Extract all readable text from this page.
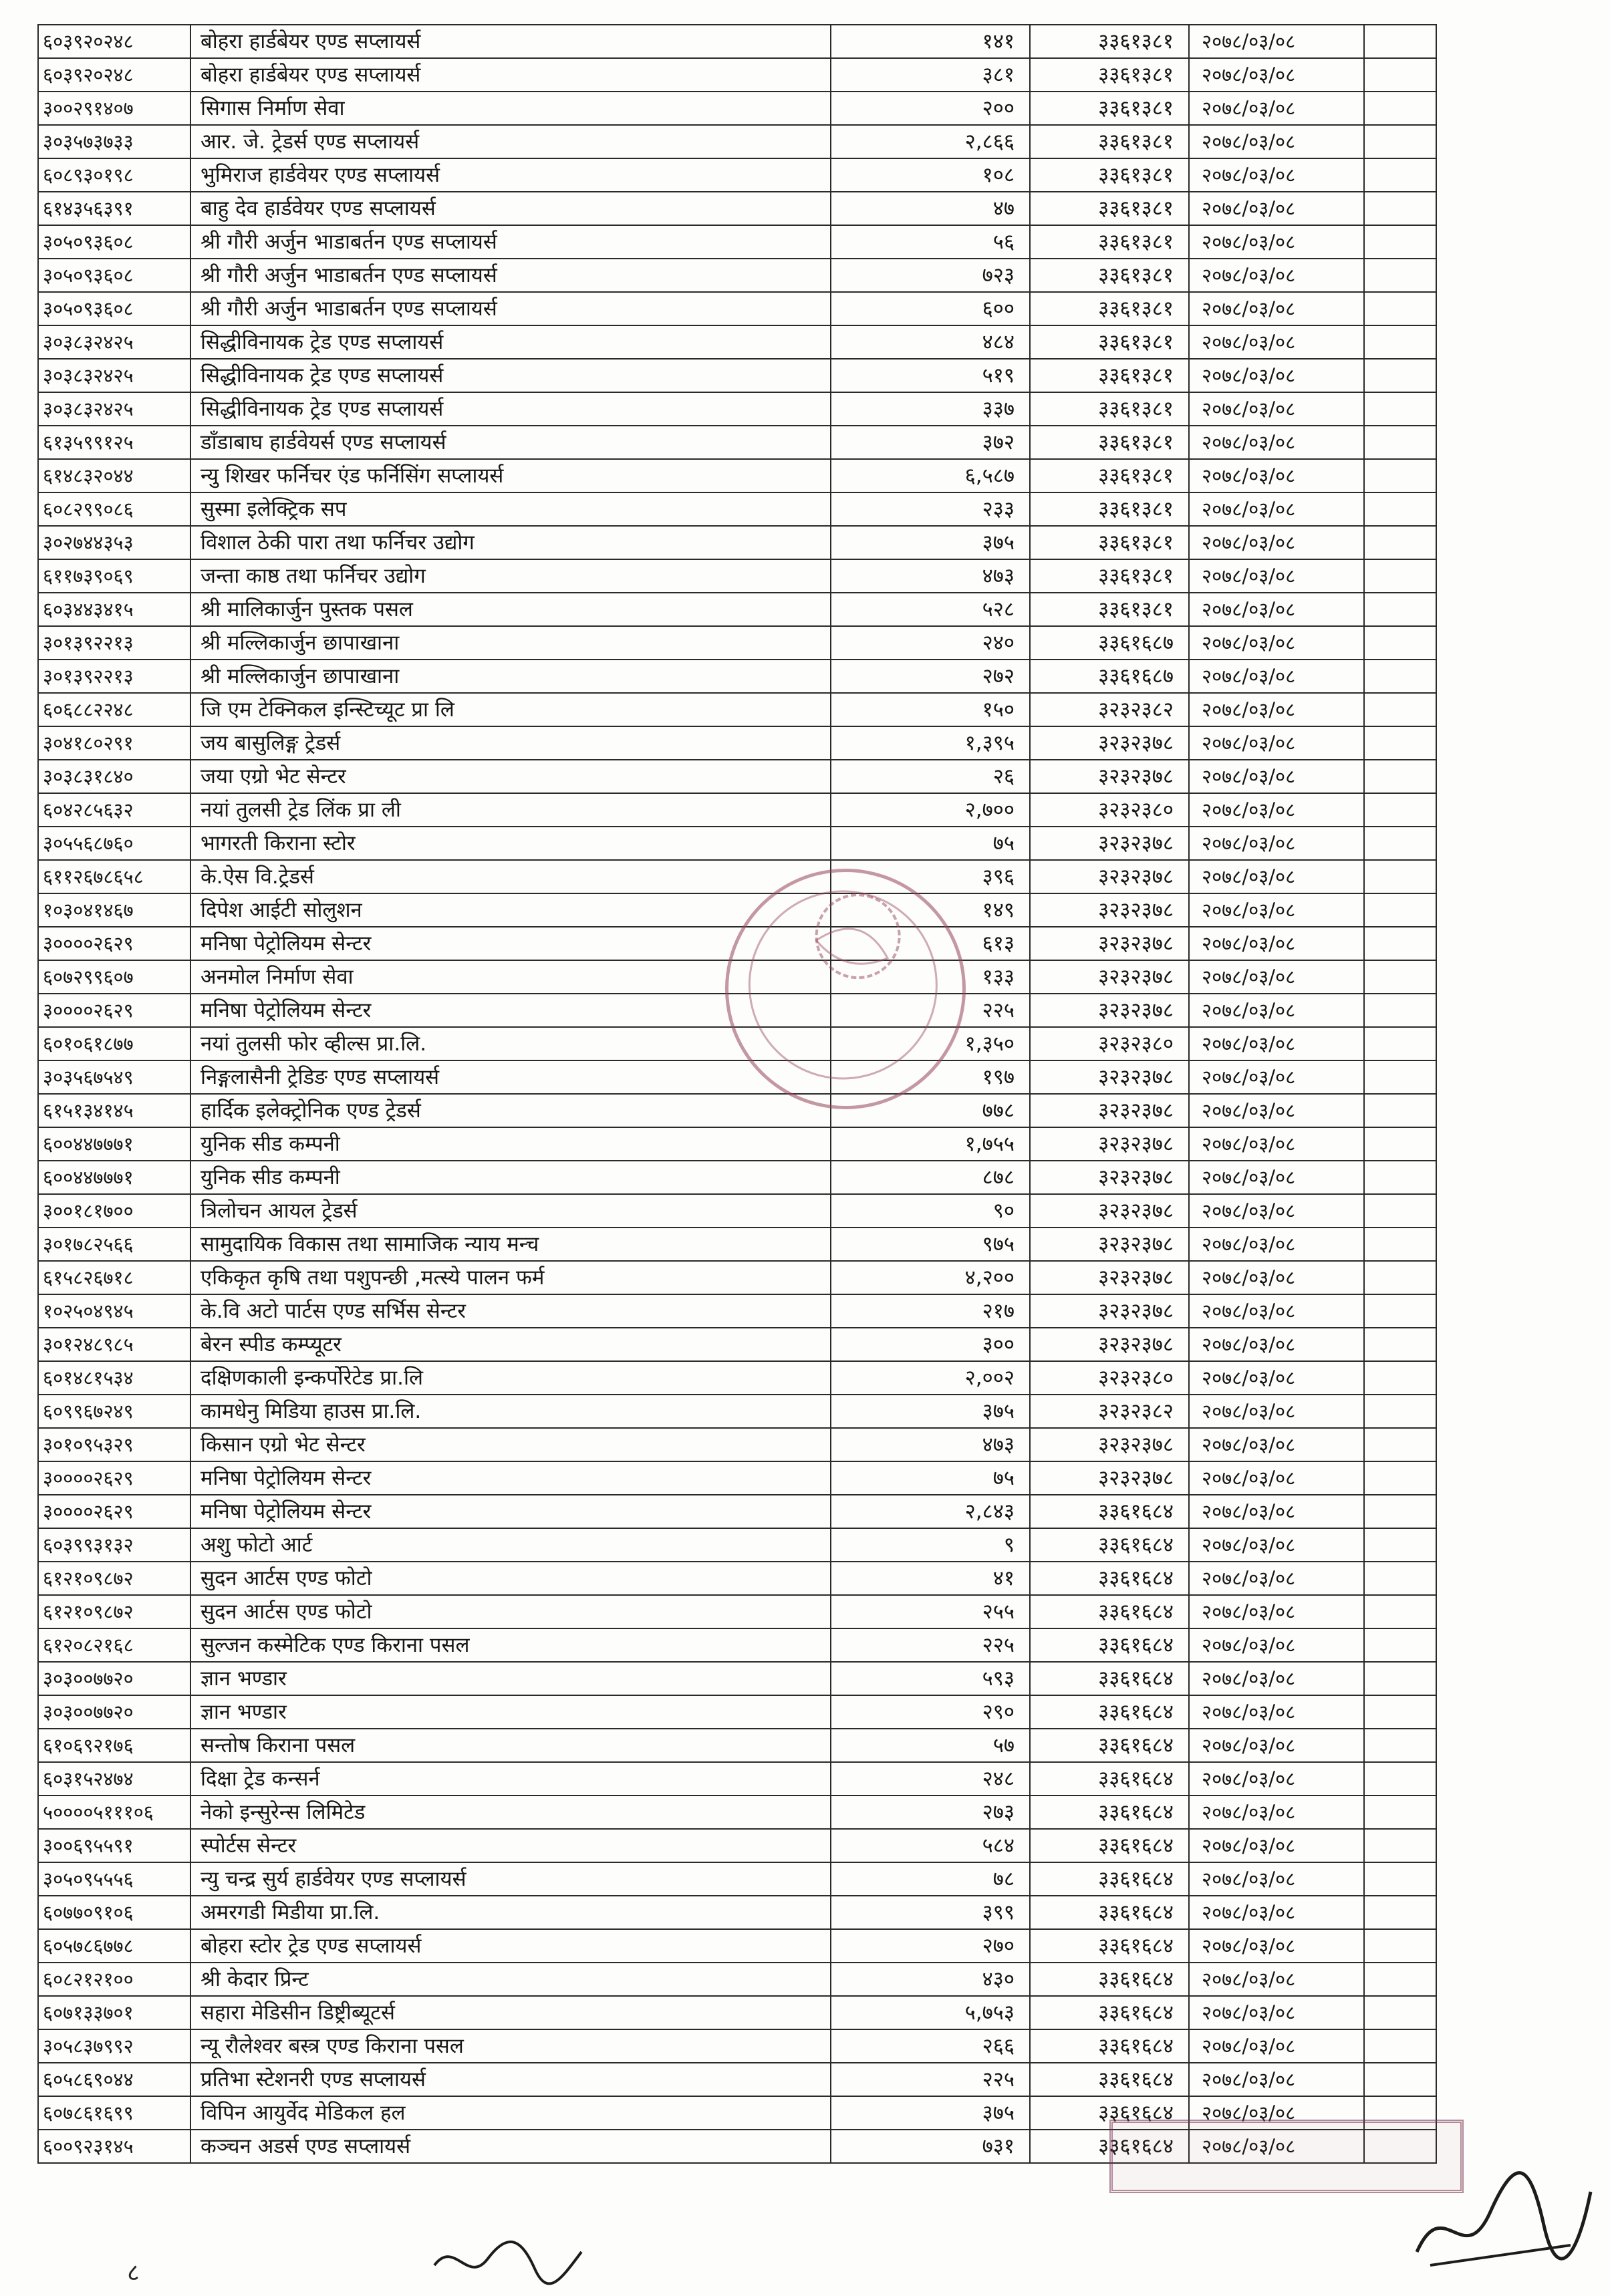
६०३९२०२४८	बोहरा हार्डबेयर एण्ड सप्लायर्स	१४१	३३६१३८१	२०७८/०३/०८	
६०३९२०२४८	बोहरा हार्डबेयर एण्ड सप्लायर्स	३८१	३३६१३८१	२०७८/०३/०८	
३००२९१४०७	सिगास निर्माण सेवा	२००	३३६१३८१	२०७८/०३/०८	
३०३५७३७३३	आर. जे. ट्रेडर्स एण्ड सप्लायर्स	२,८६६	३३६१३८१	२०७८/०३/०८	
६०८९३०१९८	भुमिराज हार्डवेयर एण्ड सप्लायर्स	१०८	३३६१३८१	२०७८/०३/०८	
६१४३५६३९१	बाहु देव हार्डवेयर एण्ड सप्लायर्स	४७	३३६१३८१	२०७८/०३/०८	
३०५०९३६०८	श्री गौरी अर्जुन भाडाबर्तन एण्ड सप्लायर्स	५६	३३६१३८१	२०७८/०३/०८	
३०५०९३६०८	श्री गौरी अर्जुन भाडाबर्तन एण्ड सप्लायर्स	७२३	३३६१३८१	२०७८/०३/०८	
३०५०९३६०८	श्री गौरी अर्जुन भाडाबर्तन एण्ड सप्लायर्स	६००	३३६१३८१	२०७८/०३/०८	
३०३८३२४२५	सिद्धीविनायक ट्रेड एण्ड सप्लायर्स	४८४	३३६१३८१	२०७८/०३/०८	
३०३८३२४२५	सिद्धीविनायक ट्रेड एण्ड सप्लायर्स	५१९	३३६१३८१	२०७८/०३/०८	
३०३८३२४२५	सिद्धीविनायक ट्रेड एण्ड सप्लायर्स	३३७	३३६१३८१	२०७८/०३/०८	
६१३५९९१२५	डाँडाबाघ हार्डवेयर्स एण्ड सप्लायर्स	३७२	३३६१३८१	२०७८/०३/०८	
६१४८३२०४४	न्यु शिखर फर्निचर एंड फर्निसिंग सप्लायर्स	६,५८७	३३६१३८१	२०७८/०३/०८	
६०८२९९०८६	सुस्मा इलेक्ट्रिक सप	२३३	३३६१३८१	२०७८/०३/०८	
३०२७४४३५३	विशाल ठेकी पारा तथा फर्निचर उद्योग	३७५	३३६१३८१	२०७८/०३/०८	
६११७३९०६९	जन्ता काष्ठ तथा फर्निचर उद्योग	४७३	३३६१३८१	२०७८/०३/०८	
६०३४४३४१५	श्री मालिकार्जुन पुस्तक पसल	५२८	३३६१३८१	२०७८/०३/०८	
३०१३९२२१३	श्री मल्लिकार्जुन छापाखाना	२४०	३३६१६८७	२०७८/०३/०८	
३०१३९२२१३	श्री मल्लिकार्जुन छापाखाना	२७२	३३६१६८७	२०७८/०३/०८	
६०६८८२२४८	जि एम टेक्निकल इन्स्टिच्यूट प्रा लि	१५०	३२३२३८२	२०७८/०३/०८	
३०४१८०२९१	जय बासुलिङ्ग ट्रेडर्स	१,३९५	३२३२३७८	२०७८/०३/०८	
३०३८३१८४०	जया एग्रो भेट सेन्टर	२६	३२३२३७८	२०७८/०३/०८	
६०४२८५६३२	नयां तुलसी ट्रेड लिंक प्रा ली	२,७००	३२३२३८०	२०७८/०३/०८	
३०५५६८७६०	भागरती किराना स्टोर	७५	३२३२३७८	२०७८/०३/०८	
६११२६७८६५८	के.ऐस वि.ट्रेडर्स	३९६	३२३२३७८	२०७८/०३/०८	
१०३०४१४६७	दिपेश आईटी सोलुशन	१४९	३२३२३७८	२०७८/०३/०८	
३००००२६२९	मनिषा पेट्रोलियम सेन्टर	६१३	३२३२३७८	२०७८/०३/०८	
६०७२९९६०७	अनमोल निर्माण सेवा	१३३	३२३२३७८	२०७८/०३/०८	
३००००२६२९	मनिषा पेट्रोलियम सेन्टर	२२५	३२३२३७८	२०७८/०३/०८	
६०१०६१८७७	नयां तुलसी फोर व्हील्स प्रा.लि.	१,३५०	३२३२३८०	२०७८/०३/०८	
३०३५६७५४९	निङ्गलासैनी ट्रेडिङ एण्ड सप्लायर्स	१९७	३२३२३७८	२०७८/०३/०८	
६१५१३४१४५	हार्दिक इलेक्ट्रोनिक एण्ड ट्रेडर्स	७७८	३२३२३७८	२०७८/०३/०८	
६००४४७७७१	युनिक सीड कम्पनी	१,७५५	३२३२३७८	२०७८/०३/०८	
६००४४७७७१	युनिक सीड कम्पनी	८७८	३२३२३७८	२०७८/०३/०८	
३००१८१७००	त्रिलोचन आयल ट्रेडर्स	९०	३२३२३७८	२०७८/०३/०८	
३०१७८२५६६	सामुदायिक विकास तथा सामाजिक न्याय मन्च	९७५	३२३२३७८	२०७८/०३/०८	
६१५८२६७१८	एकिकृत कृषि तथा पशुपन्छी ,मत्स्ये पालन फर्म	४,२००	३२३२३७८	२०७८/०३/०८	
१०२५०४९४५	के.वि अटो पार्टस एण्ड सर्भिस सेन्टर	२१७	३२३२३७८	२०७८/०३/०८	
३०१२४८९८५	बेरन स्पीड कम्प्यूटर	३००	३२३२३७८	२०७८/०३/०८	
६०१४८१५३४	दक्षिणकाली इन्कर्पोरेटेड प्रा.लि	२,००२	३२३२३८०	२०७८/०३/०८	
६०९९६७२४९	कामधेनु मिडिया हाउस प्रा.लि.	३७५	३२३२३८२	२०७८/०३/०८	
३०१०९५३२९	किसान एग्रो भेट सेन्टर	४७३	३२३२३७८	२०७८/०३/०८	
३००००२६२९	मनिषा पेट्रोलियम सेन्टर	७५	३२३२३७८	२०७८/०३/०८	
३००००२६२९	मनिषा पेट्रोलियम सेन्टर	२,८४३	३३६१६८४	२०७८/०३/०८	
६०३९९३१३२	अशु फोटो आर्ट	९	३३६१६८४	२०७८/०३/०८	
६१२१०९८७२	सुदन आर्टस एण्ड फोटो	४१	३३६१६८४	२०७८/०३/०८	
६१२१०९८७२	सुदन आर्टस एण्ड फोटो	२५५	३३६१६८४	२०७८/०३/०८	
६१२०८२१६८	सुल्जन कस्मेटिक एण्ड किराना पसल	२२५	३३६१६८४	२०७८/०३/०८	
३०३००७७२०	ज्ञान भण्डार	५९३	३३६१६८४	२०७८/०३/०८	
३०३००७७२०	ज्ञान भण्डार	२९०	३३६१६८४	२०७८/०३/०८	
६१०६९२१७६	सन्तोष किराना पसल	५७	३३६१६८४	२०७८/०३/०८	
६०३१५२४७४	दिक्षा ट्रेड कन्सर्न	२४८	३३६१६८४	२०७८/०३/०८	
५००००५१११०६	नेको इन्सुरेन्स लिमिटेड	२७३	३३६१६८४	२०७८/०३/०८	
३००६९५५९१	स्पोर्टस सेन्टर	५८४	३३६१६८४	२०७८/०३/०८	
३०५०९५५५६	न्यु चन्द्र सुर्य हार्डवेयर एण्ड सप्लायर्स	७८	३३६१६८४	२०७८/०३/०८	
६०७७०९१०६	अमरगडी मिडीया प्रा.लि.	३९९	३३६१६८४	२०७८/०३/०८	
६०५७८६७७८	बोहरा स्टोर ट्रेड एण्ड सप्लायर्स	२७०	३३६१६८४	२०७८/०३/०८	
६०८२१२१००	श्री केदार प्रिन्ट	४३०	३३६१६८४	२०७८/०३/०८	
६०७१३३७०१	सहारा मेडिसीन डिष्ट्रीब्यूटर्स	५,७५३	३३६१६८४	२०७८/०३/०८	
३०५८३७९९२	न्यू रौलेश्वर बस्त्र एण्ड किराना पसल	२६६	३३६१६८४	२०७८/०३/०८	
६०५८६९०४४	प्रतिभा स्टेशनरी एण्ड सप्लायर्स	२२५	३३६१६८४	२०७८/०३/०८	
६०७८६१६९९	विपिन आयुर्वेद मेडिकल हल	३७५	३३६१६८४	२०७८/०३/०८	
६००९२३१४५	कञ्चन अडर्स एण्ड सप्लायर्स	७३१	३३६१६८४	२०७८/०३/०८	
८
